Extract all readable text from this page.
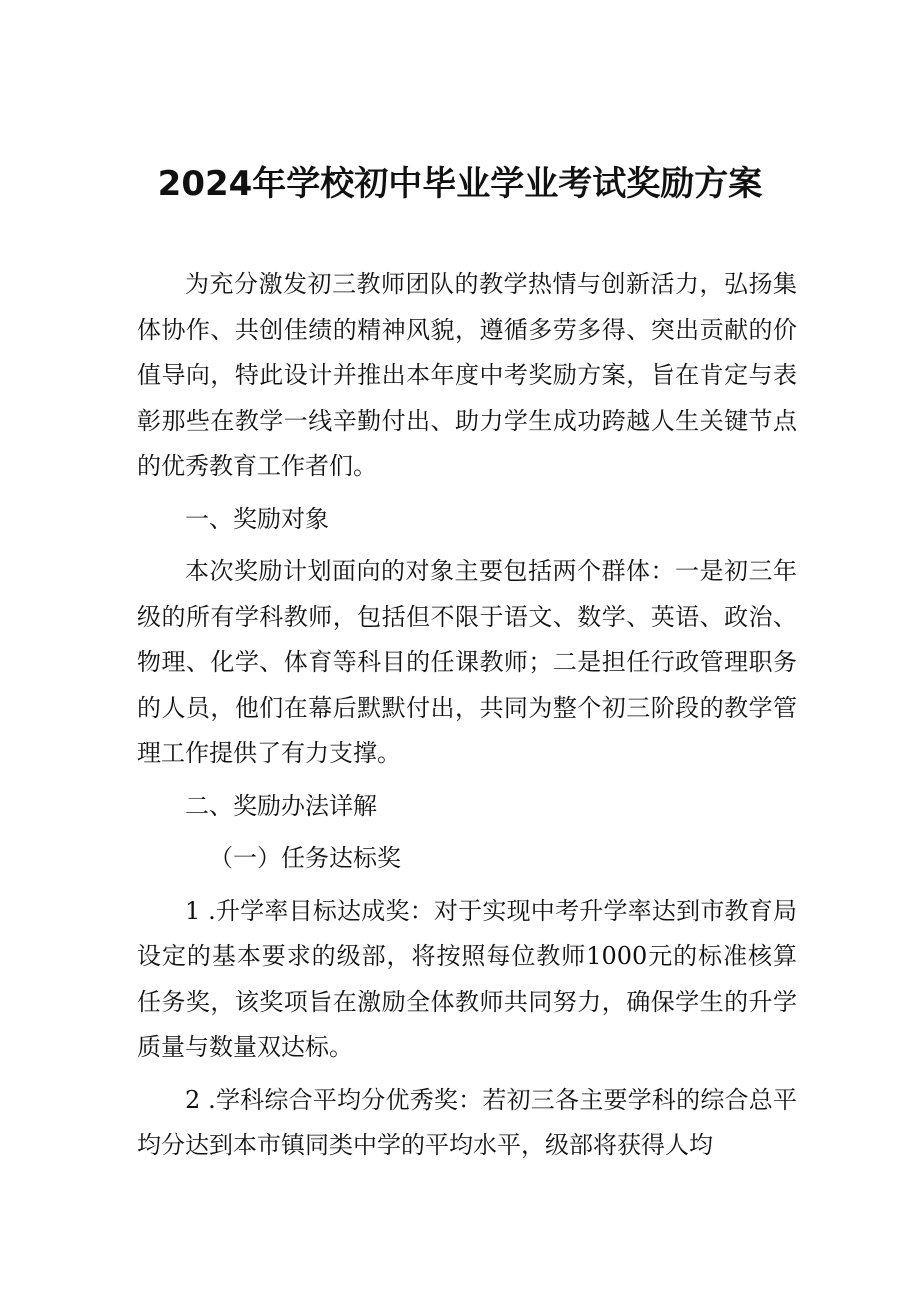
2024年学校初中毕业学业考试奖励方案

为充分激发初三教师团队的教学热情与创新活力，弘扬集体协作、共创佳绩的精神风貌，遵循多劳多得、突出贡献的价值导向，特此设计并推出本年度中考奖励方案，旨在肯定与表彰那些在教学一线辛勤付出、助力学生成功跨越人生关键节点的优秀教育工作者们。

一、奖励对象

本次奖励计划面向的对象主要包括两个群体：一是初三年级的所有学科教师，包括但不限于语文、数学、英语、政治、物理、化学、体育等科目的任课教师；二是担任行政管理职务的人员，他们在幕后默默付出，共同为整个初三阶段的教学管理工作提供了有力支撑。

二、奖励办法详解

（一）任务达标奖

1 .升学率目标达成奖：对于实现中考升学率达到市教育局设定的基本要求的级部，将按照每位教师1000元的标准核算任务奖，该奖项旨在激励全体教师共同努力，确保学生的升学质量与数量双达标。

2 .学科综合平均分优秀奖：若初三各主要学科的综合总平均分达到本市镇同类中学的平均水平，级部将获得人均
